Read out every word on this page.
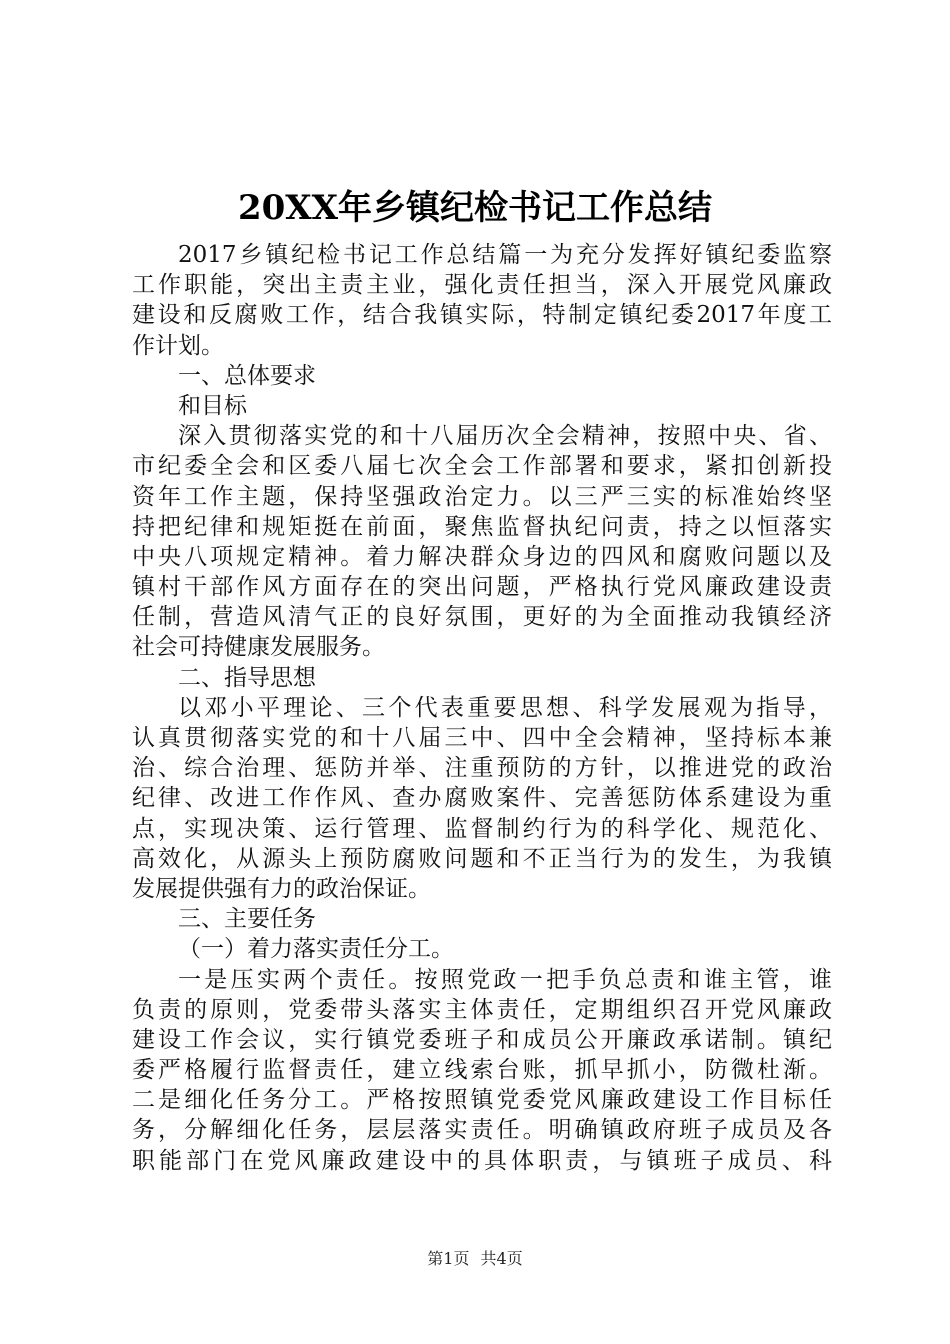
20XX年乡镇纪检书记工作总结
2017乡镇纪检书记工作总结篇一为充分发挥好镇纪委监察
工作职能，突出主责主业，强化责任担当，深入开展党风廉政
建设和反腐败工作，结合我镇实际，特制定镇纪委2017年度工
作计划。
一、总体要求
和目标
深入贯彻落实党的和十八届历次全会精神，按照中央、省、
市纪委全会和区委八届七次全会工作部署和要求，紧扣创新投
资年工作主题，保持坚强政治定力。以三严三实的标准始终坚
持把纪律和规矩挺在前面，聚焦监督执纪问责，持之以恒落实
中央八项规定精神。着力解决群众身边的四风和腐败问题以及
镇村干部作风方面存在的突出问题，严格执行党风廉政建设责
任制，营造风清气正的良好氛围，更好的为全面推动我镇经济
社会可持健康发展服务。
二、指导思想
以邓小平理论、三个代表重要思想、科学发展观为指导，
认真贯彻落实党的和十八届三中、四中全会精神，坚持标本兼
治、综合治理、惩防并举、注重预防的方针，以推进党的政治
纪律、改进工作作风、查办腐败案件、完善惩防体系建设为重
点，实现决策、运行管理、监督制约行为的科学化、规范化、
高效化，从源头上预防腐败问题和不正当行为的发生，为我镇
发展提供强有力的政治保证。
三、主要任务
（一）着力落实责任分工。
一是压实两个责任。按照党政一把手负总责和谁主管，谁
负责的原则，党委带头落实主体责任，定期组织召开党风廉政
建设工作会议，实行镇党委班子和成员公开廉政承诺制。镇纪
委严格履行监督责任，建立线索台账，抓早抓小，防微杜渐。
二是细化任务分工。严格按照镇党委党风廉政建设工作目标任
务，分解细化任务，层层落实责任。明确镇政府班子成员及各
职能部门在党风廉政建设中的具体职责，与镇班子成员、科
第1页 共4页
